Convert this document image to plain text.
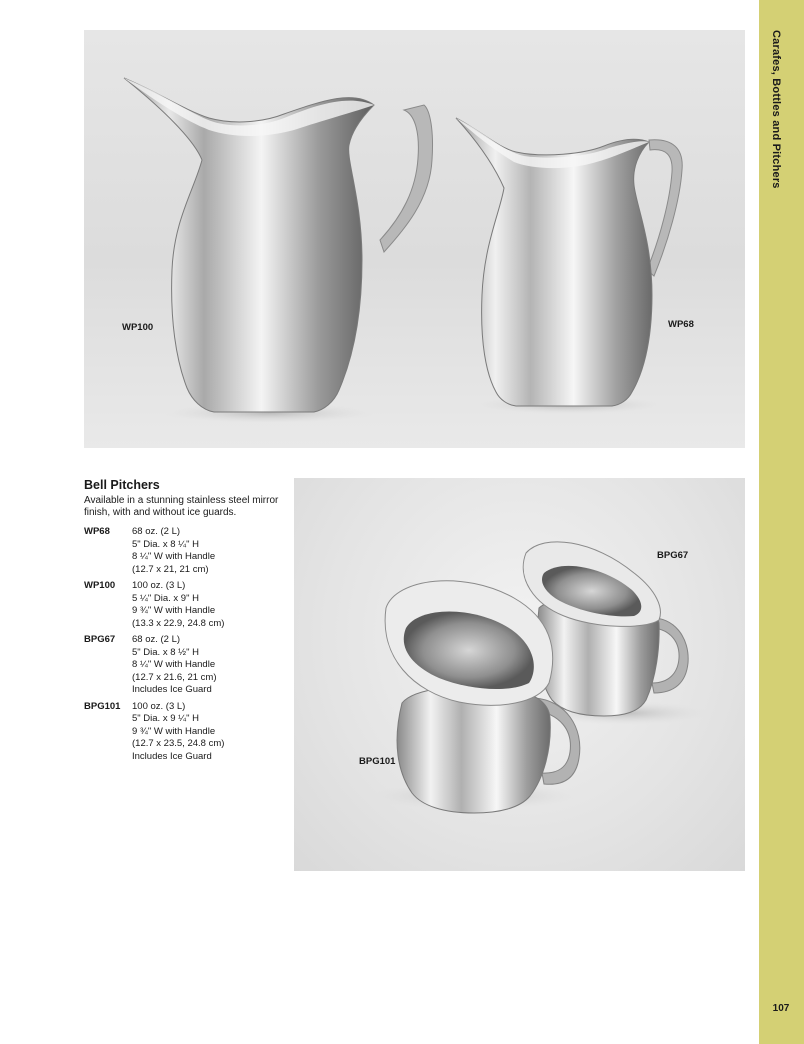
Carafes, Bottles and Pitchers
107
WP100	WP68
Bell Pitchers
Available in a stunning stainless steel mirror finish, with and without ice guards.
WP68	68 oz. (2 L)
5" Dia. x 8 ¼" H
8 ¼" W with Handle
(12.7 x 21, 21 cm)
WP100	100 oz. (3 L)
5 ¼" Dia. x 9" H
9 ¾" W with Handle
(13.3 x 22.9, 24.8 cm)
BPG67	68 oz. (2 L)
5" Dia. x 8 ½" H
8 ¼" W with Handle
(12.7 x 21.6, 21 cm)
Includes Ice Guard
BPG101	100 oz. (3 L)
5" Dia. x 9 ¼" H
9 ¾" W with Handle
(12.7 x 23.5, 24.8 cm)
Includes Ice Guard
BPG67
BPG101
